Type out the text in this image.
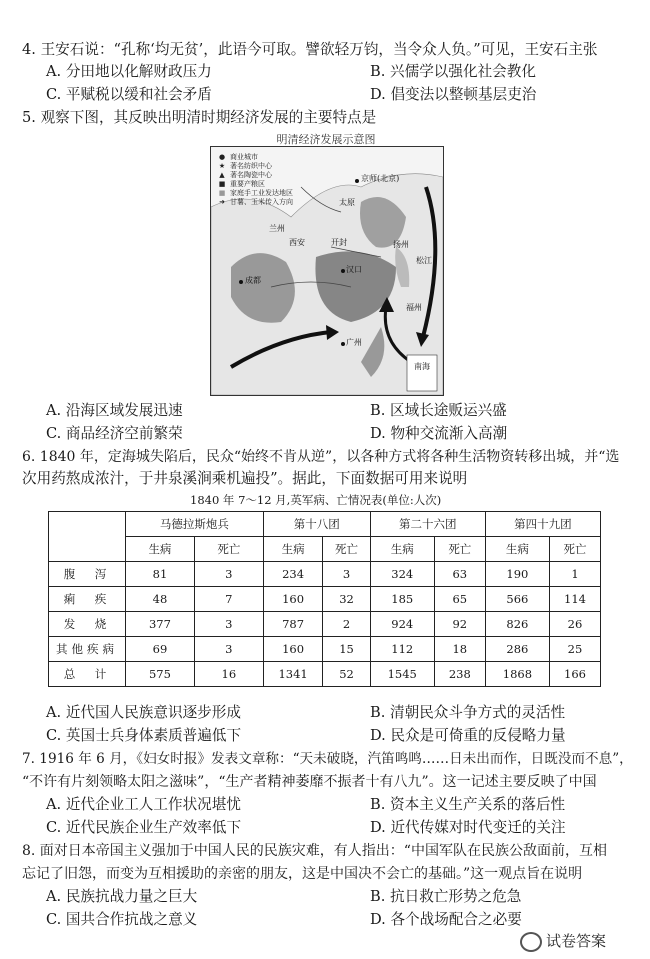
4. 王安石说：“孔称‘均无贫’，此语今可取。譬欲轻万钧，当令众人负。”可见，王安石主张
A. 分田地以化解财政压力	B. 兴儒学以强化社会教化
C. 平赋税以缓和社会矛盾	D. 倡变法以整顿基层吏治
5. 观察下图，其反映出明清时期经济发展的主要特点是
明清经济发展示意图
● 商业城市
★ 著名纺织中心
▲ 著名陶瓷中心
■ 重要产粮区
■ 家庭手工业发达地区
➜ 甘薯、玉米传入方向
京师(北京)
太原
兰州
西安	开封	扬州
松江
汉口
成都
福州
广州
南海
A. 沿海区域发展迅速	B. 区域长途贩运兴盛
C. 商品经济空前繁荣	D. 物种交流渐入高潮
6. 1840 年，定海城失陷后，民众“始终不肯从逆”，以各种方式将各种生活物资转移出城，并“选
次用药熬成浓汁，于井泉溪涧乘机遍投”。据此，下面数据可用来说明
1840 年 7～12 月,英军病、亡情况表(单位:人次)
	马德拉斯炮兵		第十八团		第二十六团		第四十九团	
	生病	死亡	生病	死亡	生病	死亡	生病	死亡
腹　泻	81	3	234	3	324	63	190	1
痢　疾	48	7	160	32	185	65	566	114
发　烧	377	3	787	2	924	92	826	26
其他疾病	69	3	160	15	112	18	286	25
总　计	575	16	1341	52	1545	238	1868	166
A. 近代国人民族意识逐步形成	B. 清朝民众斗争方式的灵活性
C. 英国士兵身体素质普遍低下	D. 民众是可倚重的反侵略力量
7. 1916 年 6 月，《妇女时报》发表文章称：“天未破晓，汽笛鸣鸣……日未出而作，日既没而不息”，
“不许有片刻领略太阳之滋味”，“生产者精神萎靡不振者十有八九”。这一记述主要反映了中国
A. 近代企业工人工作状况堪忧	B. 资本主义生产关系的落后性
C. 近代民族企业生产效率低下	D. 近代传媒对时代变迁的关注
8. 面对日本帝国主义强加于中国人民的民族灾难，有人指出：“中国军队在民族公敌面前，互相
忘记了旧怨，而变为互相援助的亲密的朋友，这是中国决不会亡的基础。”这一观点旨在说明
A. 民族抗战力量之巨大	B. 抗日救亡形势之危急
C. 国共合作抗战之意义	D. 各个战场配合之必要
试卷答案
